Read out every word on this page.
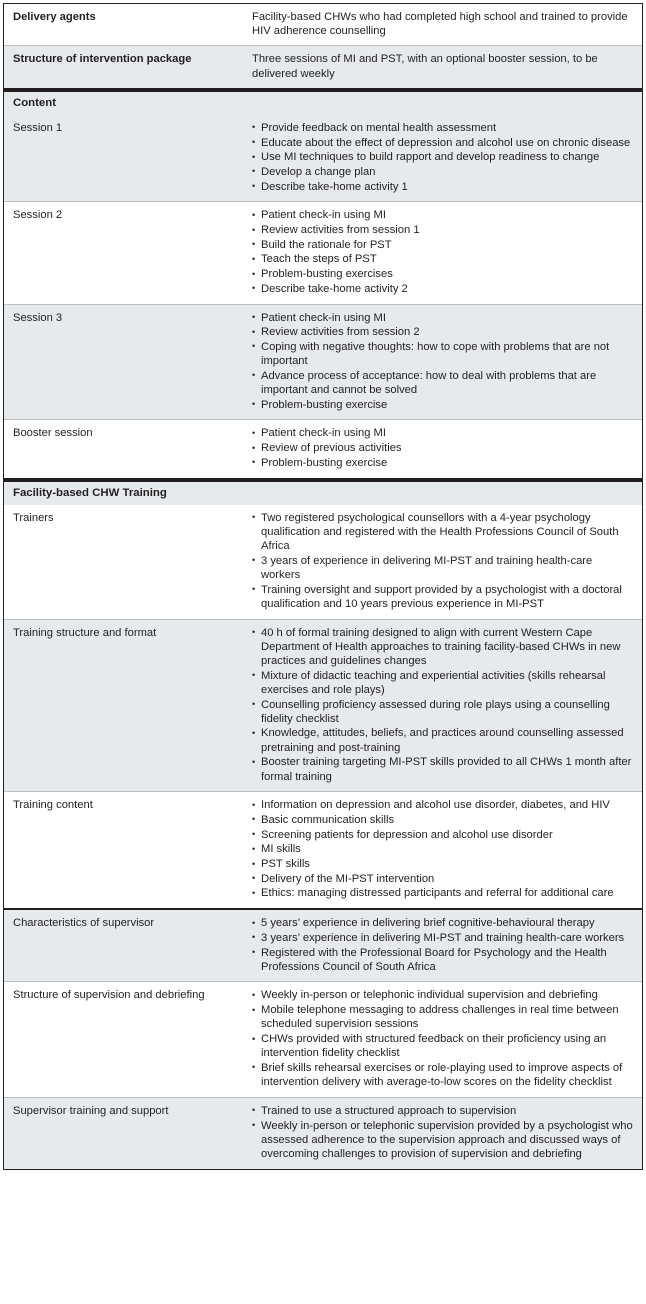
Delivery agents	Facility-based CHWs who had completed high school and trained to provide HIV adherence counselling

Structure of intervention package	Three sessions of MI and PST, with an optional booster session, to be delivered weekly

Content
Session 1	• Provide feedback on mental health assessment
• Educate about the effect of depression and alcohol use on chronic disease
• Use MI techniques to build rapport and develop readiness to change
• Develop a change plan
• Describe take-home activity 1
Session 2	• Patient check-in using MI
• Review activities from session 1
• Build the rationale for PST
• Teach the steps of PST
• Problem-busting exercises
• Describe take-home activity 2
Session 3	• Patient check-in using MI
• Review activities from session 2
• Coping with negative thoughts: how to cope with problems that are not important
• Advance process of acceptance: how to deal with problems that are important and cannot be solved
• Problem-busting exercise
Booster session	• Patient check-in using MI
• Review of previous activities
• Problem-busting exercise
Facility-based CHW Training
Trainers	• Two registered psychological counsellors with a 4-year psychology qualification and registered with the Health Professions Council of South Africa
• 3 years of experience in delivering MI-PST and training health-care workers
• Training oversight and support provided by a psychologist with a doctoral qualification and 10 years previous experience in MI-PST
Training structure and format	• 40 h of formal training designed to align with current Western Cape Department of Health approaches to training facility-based CHWs in new practices and guidelines changes
• Mixture of didactic teaching and experiential activities (skills rehearsal exercises and role plays)
• Counselling proficiency assessed during role plays using a counselling fidelity checklist
• Knowledge, attitudes, beliefs, and practices around counselling assessed pretraining and post-training
• Booster training targeting MI-PST skills provided to all CHWs 1 month after formal training
Training content	• Information on depression and alcohol use disorder, diabetes, and HIV
• Basic communication skills
• Screening patients for depression and alcohol use disorder
• MI skills
• PST skills
• Delivery of the MI-PST intervention
• Ethics: managing distressed participants and referral for additional care
Characteristics of supervisor	• 5 years’ experience in delivering brief cognitive-behavioural therapy
• 3 years’ experience in delivering MI-PST and training health-care workers
• Registered with the Professional Board for Psychology and the Health Professions Council of South Africa
Structure of supervision and debriefing	• Weekly in-person or telephonic individual supervision and debriefing
• Mobile telephone messaging to address challenges in real time between scheduled supervision sessions
• CHWs provided with structured feedback on their proficiency using an intervention fidelity checklist
• Brief skills rehearsal exercises or role-playing used to improve aspects of intervention delivery with average-to-low scores on the fidelity checklist
Supervisor training and support	• Trained to use a structured approach to supervision
• Weekly in-person or telephonic supervision provided by a psychologist who assessed adherence to the supervision approach and discussed ways of overcoming challenges to provision of supervision and debriefing
